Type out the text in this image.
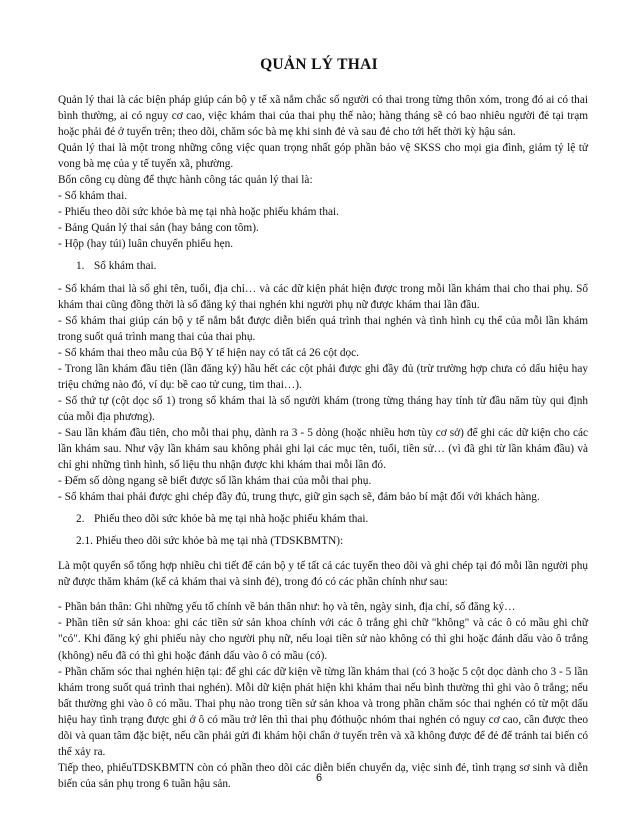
QUẢN LÝ THAI

Quản lý thai là các biện pháp giúp cán bộ y tế xã nắm chắc số người có thai trong từng thôn xóm, trong đó ai có thai bình thường, ai có nguy cơ cao, việc khám thai của thai phụ thế nào; hàng tháng sẽ có bao nhiêu người đẻ tại trạm hoặc phải đẻ ở tuyến trên; theo dõi, chăm sóc bà mẹ khi sinh đẻ và sau đẻ cho tới hết thời kỳ hậu sản.

Quản lý thai là một trong những công việc quan trọng nhất góp phần bảo vệ SKSS cho mọi gia đình, giảm tỷ lệ tử vong bà mẹ của y tế tuyến xã, phường.

Bốn công cụ dùng để thực hành công tác quản lý thai là:

- Sổ khám thai.

- Phiếu theo dõi sức khỏe bà mẹ tại nhà hoặc phiếu khám thai.

- Bảng Quản lý thai sản (hay bảng con tôm).

- Hộp (hay túi) luân chuyển phiếu hẹn.

1. Sổ khám thai.

- Sổ khám thai là sổ ghi tên, tuổi, địa chỉ… và các dữ kiện phát hiện được trong mỗi lần khám thai cho thai phụ. Sổ khám thai cũng đồng thời là sổ đăng ký thai nghén khi người phụ nữ được khám thai lần đầu.

- Sổ khám thai giúp cán bộ y tế nắm bắt được diễn biến quá trình thai nghén và tình hình cụ thể của mỗi lần khám trong suốt quá trình mang thai của thai phụ.

- Sổ khám thai theo mẫu của Bộ Y tế hiện nay có tất cả 26 cột dọc.

- Trong lần khám đầu tiên (lần đăng ký) hầu hết các cột phải được ghi đầy đủ (trừ trường hợp chưa có dấu hiệu hay triệu chứng nào đó, ví dụ: bề cao tử cung, tim thai…).

- Số thứ tự (cột dọc số 1) trong sổ khám thai là số người khám (trong từng tháng hay tính từ đầu năm tùy qui định của mỗi địa phương).

- Sau lần khám đầu tiên, cho mỗi thai phụ, dành ra 3 - 5 dòng (hoặc nhiều hơn tùy cơ sở) để ghi các dữ kiện cho các lần khám sau. Như vậy lần khám sau không phải ghi lại các mục tên, tuổi, tiền sử… (vì đã ghi từ lần khám đầu) và chỉ ghi những tình hình, số liệu thu nhận được khi khám thai mỗi lần đó.

- Đếm số dòng ngang sẽ biết được số lần khám thai của mỗi thai phụ.

- Sổ khám thai phải được ghi chép đầy đủ, trung thực, giữ gìn sạch sẽ, đảm bảo bí mật đối với khách hàng.

2. Phiếu theo dõi sức khỏe bà mẹ tại nhà hoặc phiếu khám thai.

2.1. Phiếu theo dõi sức khỏe bà mẹ tại nhà (TDSKBMTN):

Là một quyển sổ tổng hợp nhiều chi tiết để cán bộ y tế tất cả các tuyến theo dõi và ghi chép tại đó mỗi lần người phụ nữ được thăm khám (kể cả khám thai và sinh đẻ), trong đó có các phần chính như sau:

- Phần bản thân: Ghi những yếu tố chính về bản thân như: họ và tên, ngày sinh, địa chỉ, số đăng ký…

- Phần tiền sử sản khoa: ghi các tiền sử sản khoa chính với các ô trắng ghi chữ "không" và các ô có mầu ghi chữ "có". Khi đăng ký ghi phiếu này cho người phụ nữ, nếu loại tiền sử nào không có thì ghi hoặc đánh dấu vào ô trắng (không) nếu đã có thì ghi hoặc đánh dấu vào ô có mầu (có).

- Phần chăm sóc thai nghén hiện tại: để ghi các dữ kiện về từng lần khám thai (có 3 hoặc 5 cột dọc dành cho 3 - 5 lần khám trong suốt quá trình thai nghén). Mỗi dữ kiện phát hiện khi khám thai nếu bình thường thì ghi vào ô trắng; nếu bất thường ghi vào ô có mầu. Thai phụ nào trong tiền sử sản khoa và trong phần chăm sóc thai nghén có từ một dấu hiệu hay tình trạng được ghi ở ô có mầu trở lên thì thai phụ đóthuộc nhóm thai nghén có nguy cơ cao, cần được theo dõi và quan tâm đặc biệt, nếu cần phải gửi đi khám hội chẩn ở tuyến trên và xã không được để đẻ để tránh tai biến có thể xảy ra.

Tiếp theo, phiếuTDSKBMTN còn có phần theo dõi các diễn biến chuyển dạ, việc sinh đẻ, tình trạng sơ sinh và diễn biến của sản phụ trong 6 tuần hậu sản.	6
